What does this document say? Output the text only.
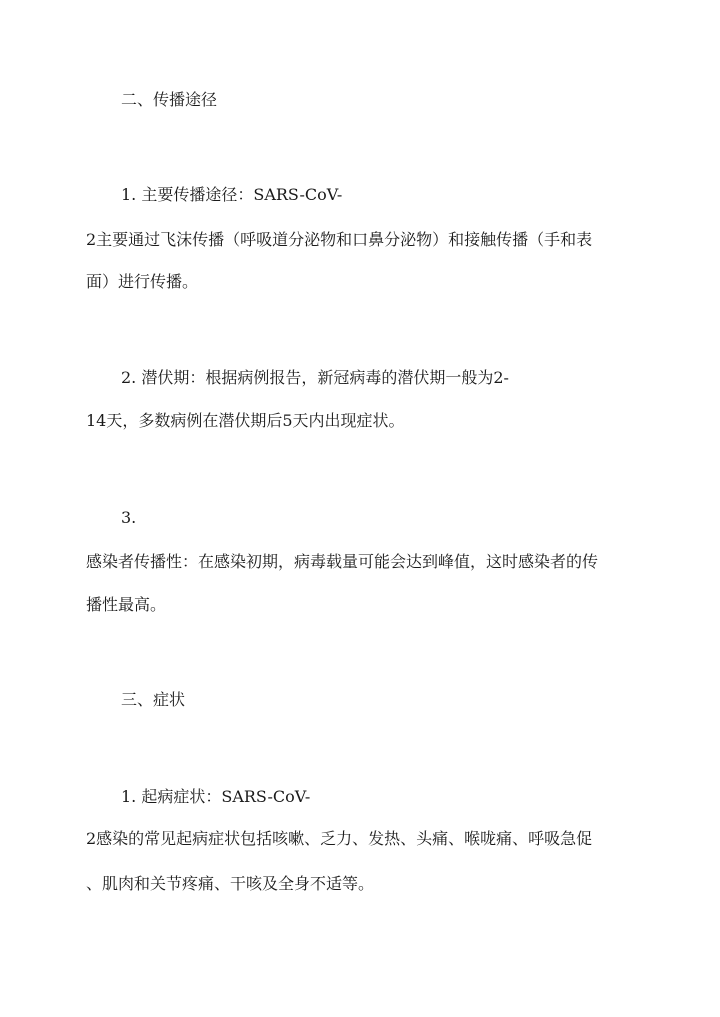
二、传播途径
1. 主要传播途径：SARS-CoV-
2主要通过飞沫传播（呼吸道分泌物和口鼻分泌物）和接触传播（手和表
面）进行传播。
2. 潜伏期：根据病例报告，新冠病毒的潜伏期一般为2-
14天，多数病例在潜伏期后5天内出现症状。
3.
感染者传播性：在感染初期，病毒载量可能会达到峰值，这时感染者的传
播性最高。
三、症状
1. 起病症状：SARS-CoV-
2感染的常见起病症状包括咳嗽、乏力、发热、头痛、喉咙痛、呼吸急促
、肌肉和关节疼痛、干咳及全身不适等。
